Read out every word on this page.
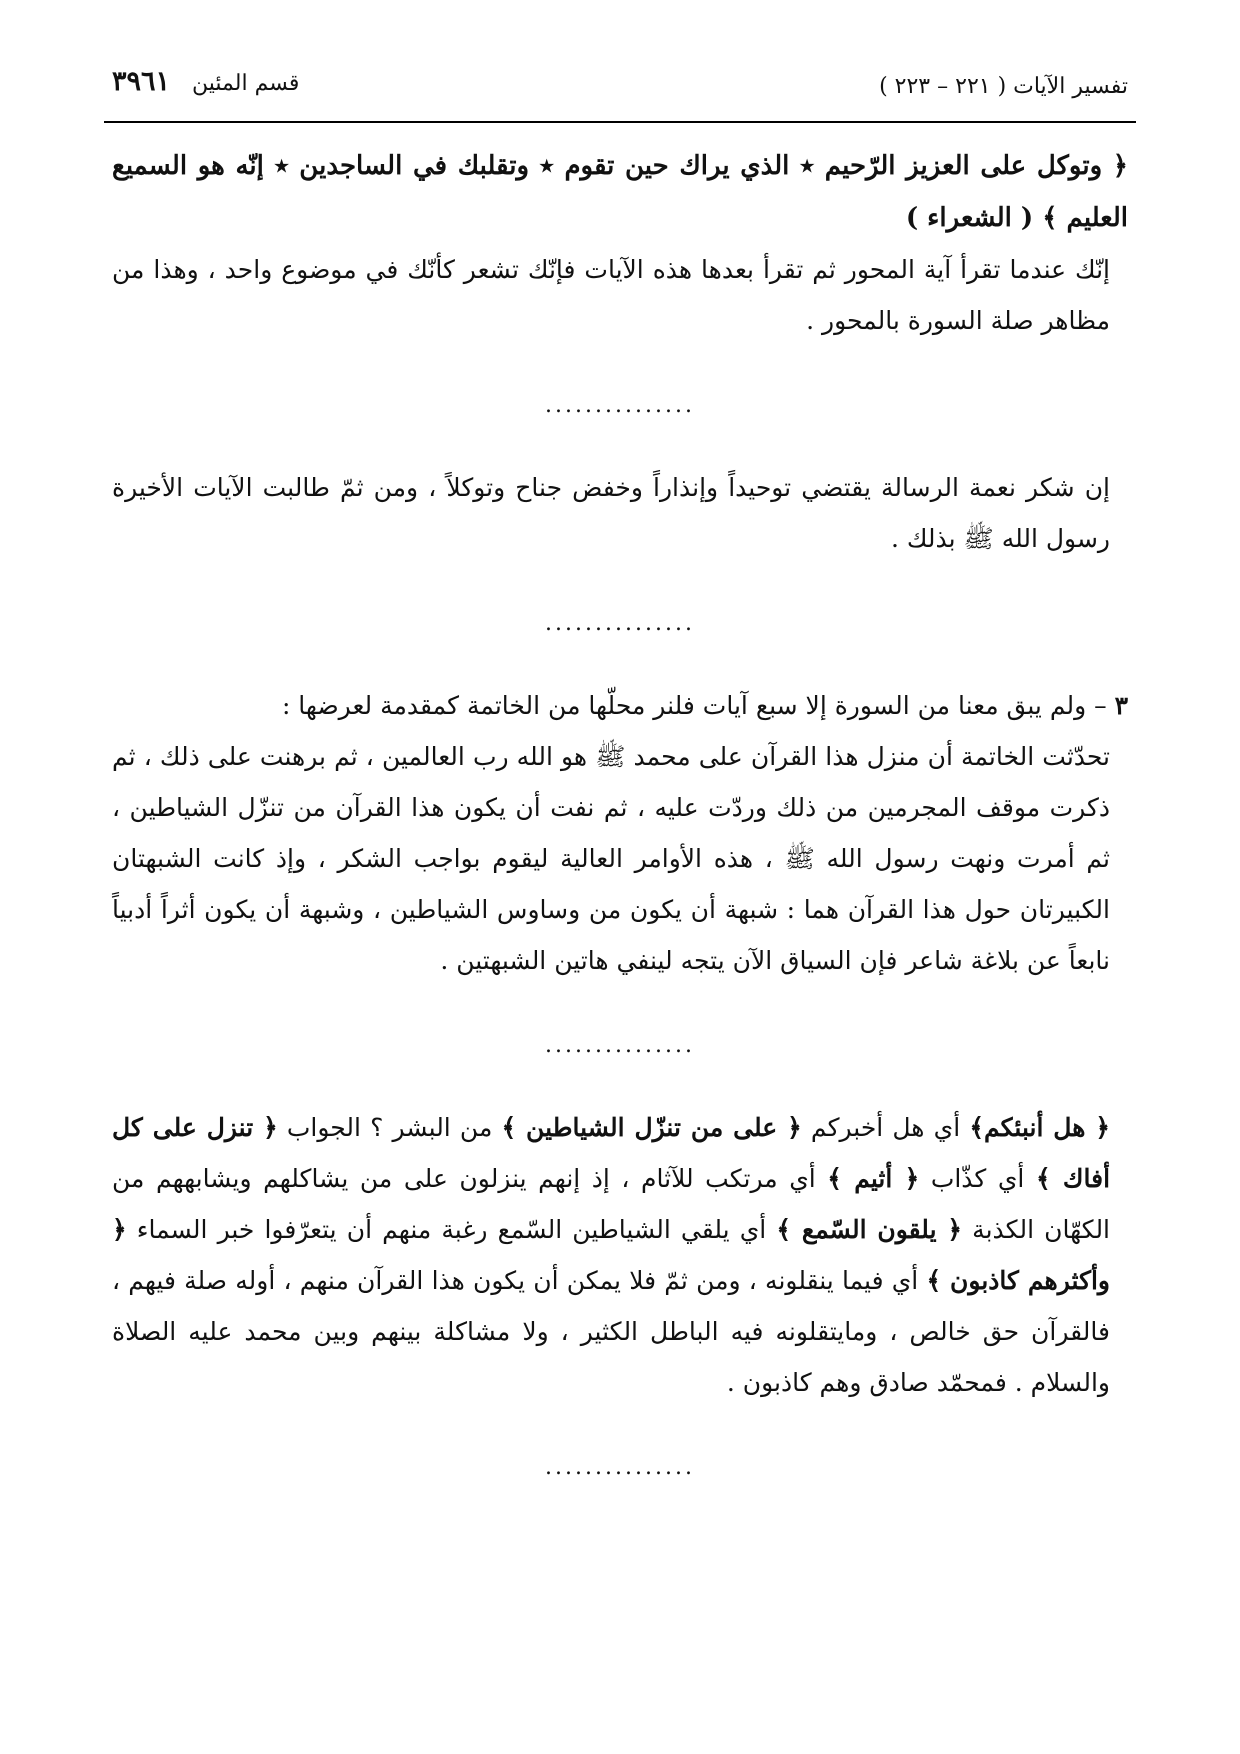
تفسير الآيات ( ٢٢١ – ٢٢٣ )
قسم المئين٣٩٦١

﴿ وتوكل على العزيز الرّحيم ٭ الذي يراك حين تقوم ٭ وتقلبك في الساجدين ٭ إنّه هو السميع العليم ﴾ ( الشعراء )

إنّك عندما تقرأ آية المحور ثم تقرأ بعدها هذه الآيات فإنّك تشعر كأنّك في موضوع واحد ، وهذا من مظاهر صلة السورة بالمحور .

...............

إن شكر نعمة الرسالة يقتضي توحيداً وإنذاراً وخفض جناح وتوكلاً ، ومن ثمّ طالبت الآيات الأخيرة رسول الله ﷺ بذلك .

...............

٣ – ولم يبق معنا من السورة إلا سبع آيات فلنر محلّها من الخاتمة كمقدمة لعرضها :

تحدّثت الخاتمة أن منزل هذا القرآن على محمد ﷺ هو الله رب العالمين ، ثم برهنت على ذلك ، ثم ذكرت موقف المجرمين من ذلك وردّت عليه ، ثم نفت أن يكون هذا القرآن من تنزّل الشياطين ، ثم أمرت ونهت رسول الله ﷺ ، هذه الأوامر العالية ليقوم بواجب الشكر ، وإذ كانت الشبهتان الكبيرتان حول هذا القرآن هما : شبهة أن يكون من وساوس الشياطين ، وشبهة أن يكون أثراً أدبياً نابعاً عن بلاغة شاعر فإن السياق الآن يتجه لينفي هاتين الشبهتين .

...............

﴿ هل أنبئكم﴾ أي هل أخبركم ﴿ على من تنزّل الشياطين ﴾ من البشر ؟ الجواب ﴿ تنزل على كل أفاك ﴾ أي كذّاب ﴿ أثيم ﴾ أي مرتكب للآثام ، إذ إنهم ينزلون على من يشاكلهم ويشابههم من الكهّان الكذبة ﴿ يلقون السّمع ﴾ أي يلقي الشياطين السّمع رغبة منهم أن يتعرّفوا خبر السماء ﴿ وأكثرهم كاذبون ﴾ أي فيما ينقلونه ، ومن ثمّ فلا يمكن أن يكون هذا القرآن منهم ، أوله صلة فيهم ، فالقرآن حق خالص ، ومايتقلونه فيه الباطل الكثير ، ولا مشاكلة بينهم وبين محمد عليه الصلاة والسلام . فمحمّد صادق وهم كاذبون .

...............
